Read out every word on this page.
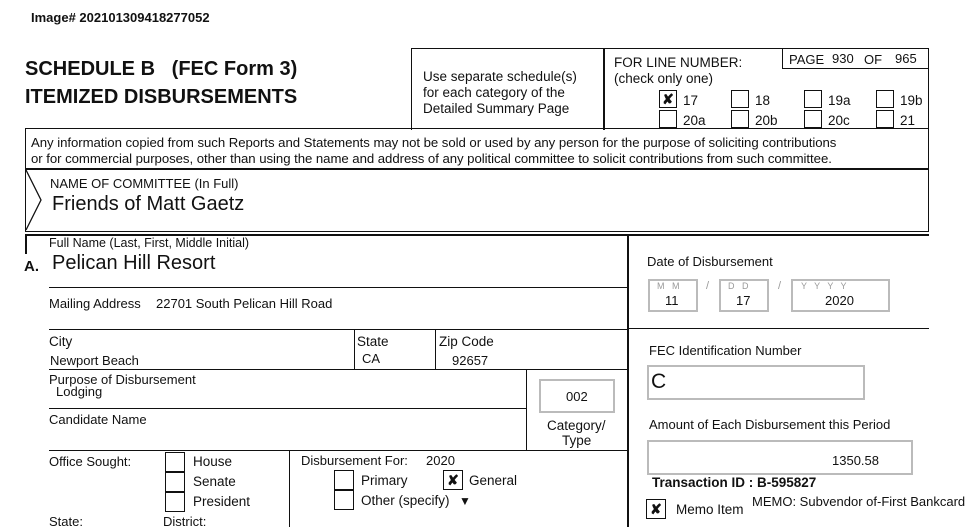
Image# 202101309418277052
SCHEDULE B   (FEC Form 3)
ITEMIZED DISBURSEMENTS
Use separate schedule(s)
for each category of the
Detailed Summary Page
FOR LINE NUMBER:
(check only one)
PAGE 930 OF 965
✘ 17	18	19a	19b
20a	20b	20c	21
Any information copied from such Reports and Statements may not be sold or used by any person for the purpose of soliciting contributions
or for commercial purposes, other than using the name and address of any political committee to solicit contributions from such committee.
NAME OF COMMITTEE (In Full)
Friends of Matt Gaetz
Full Name (Last, First, Middle Initial)
A. Pelican Hill Resort
Mailing Address 22701 South Pelican Hill Road
City
Newport Beach
State
CA
Zip Code
92657
Purpose of Disbursement
Lodging	002
Category/
Type
Candidate Name
Office Sought:	House
Senate
President
Disbursement For: 2020
Primary	✘ General
Other (specify) ▼
State:	District:
Date of Disbursement
M   M
11
/ D   D
17
/ Y   Y   Y   Y
2020
FEC Identification Number
C
Amount of Each Disbursement this Period
1350.58
Transaction ID : B-595827
✘	Memo Item
MEMO: Subvendor of-First Bankcard
